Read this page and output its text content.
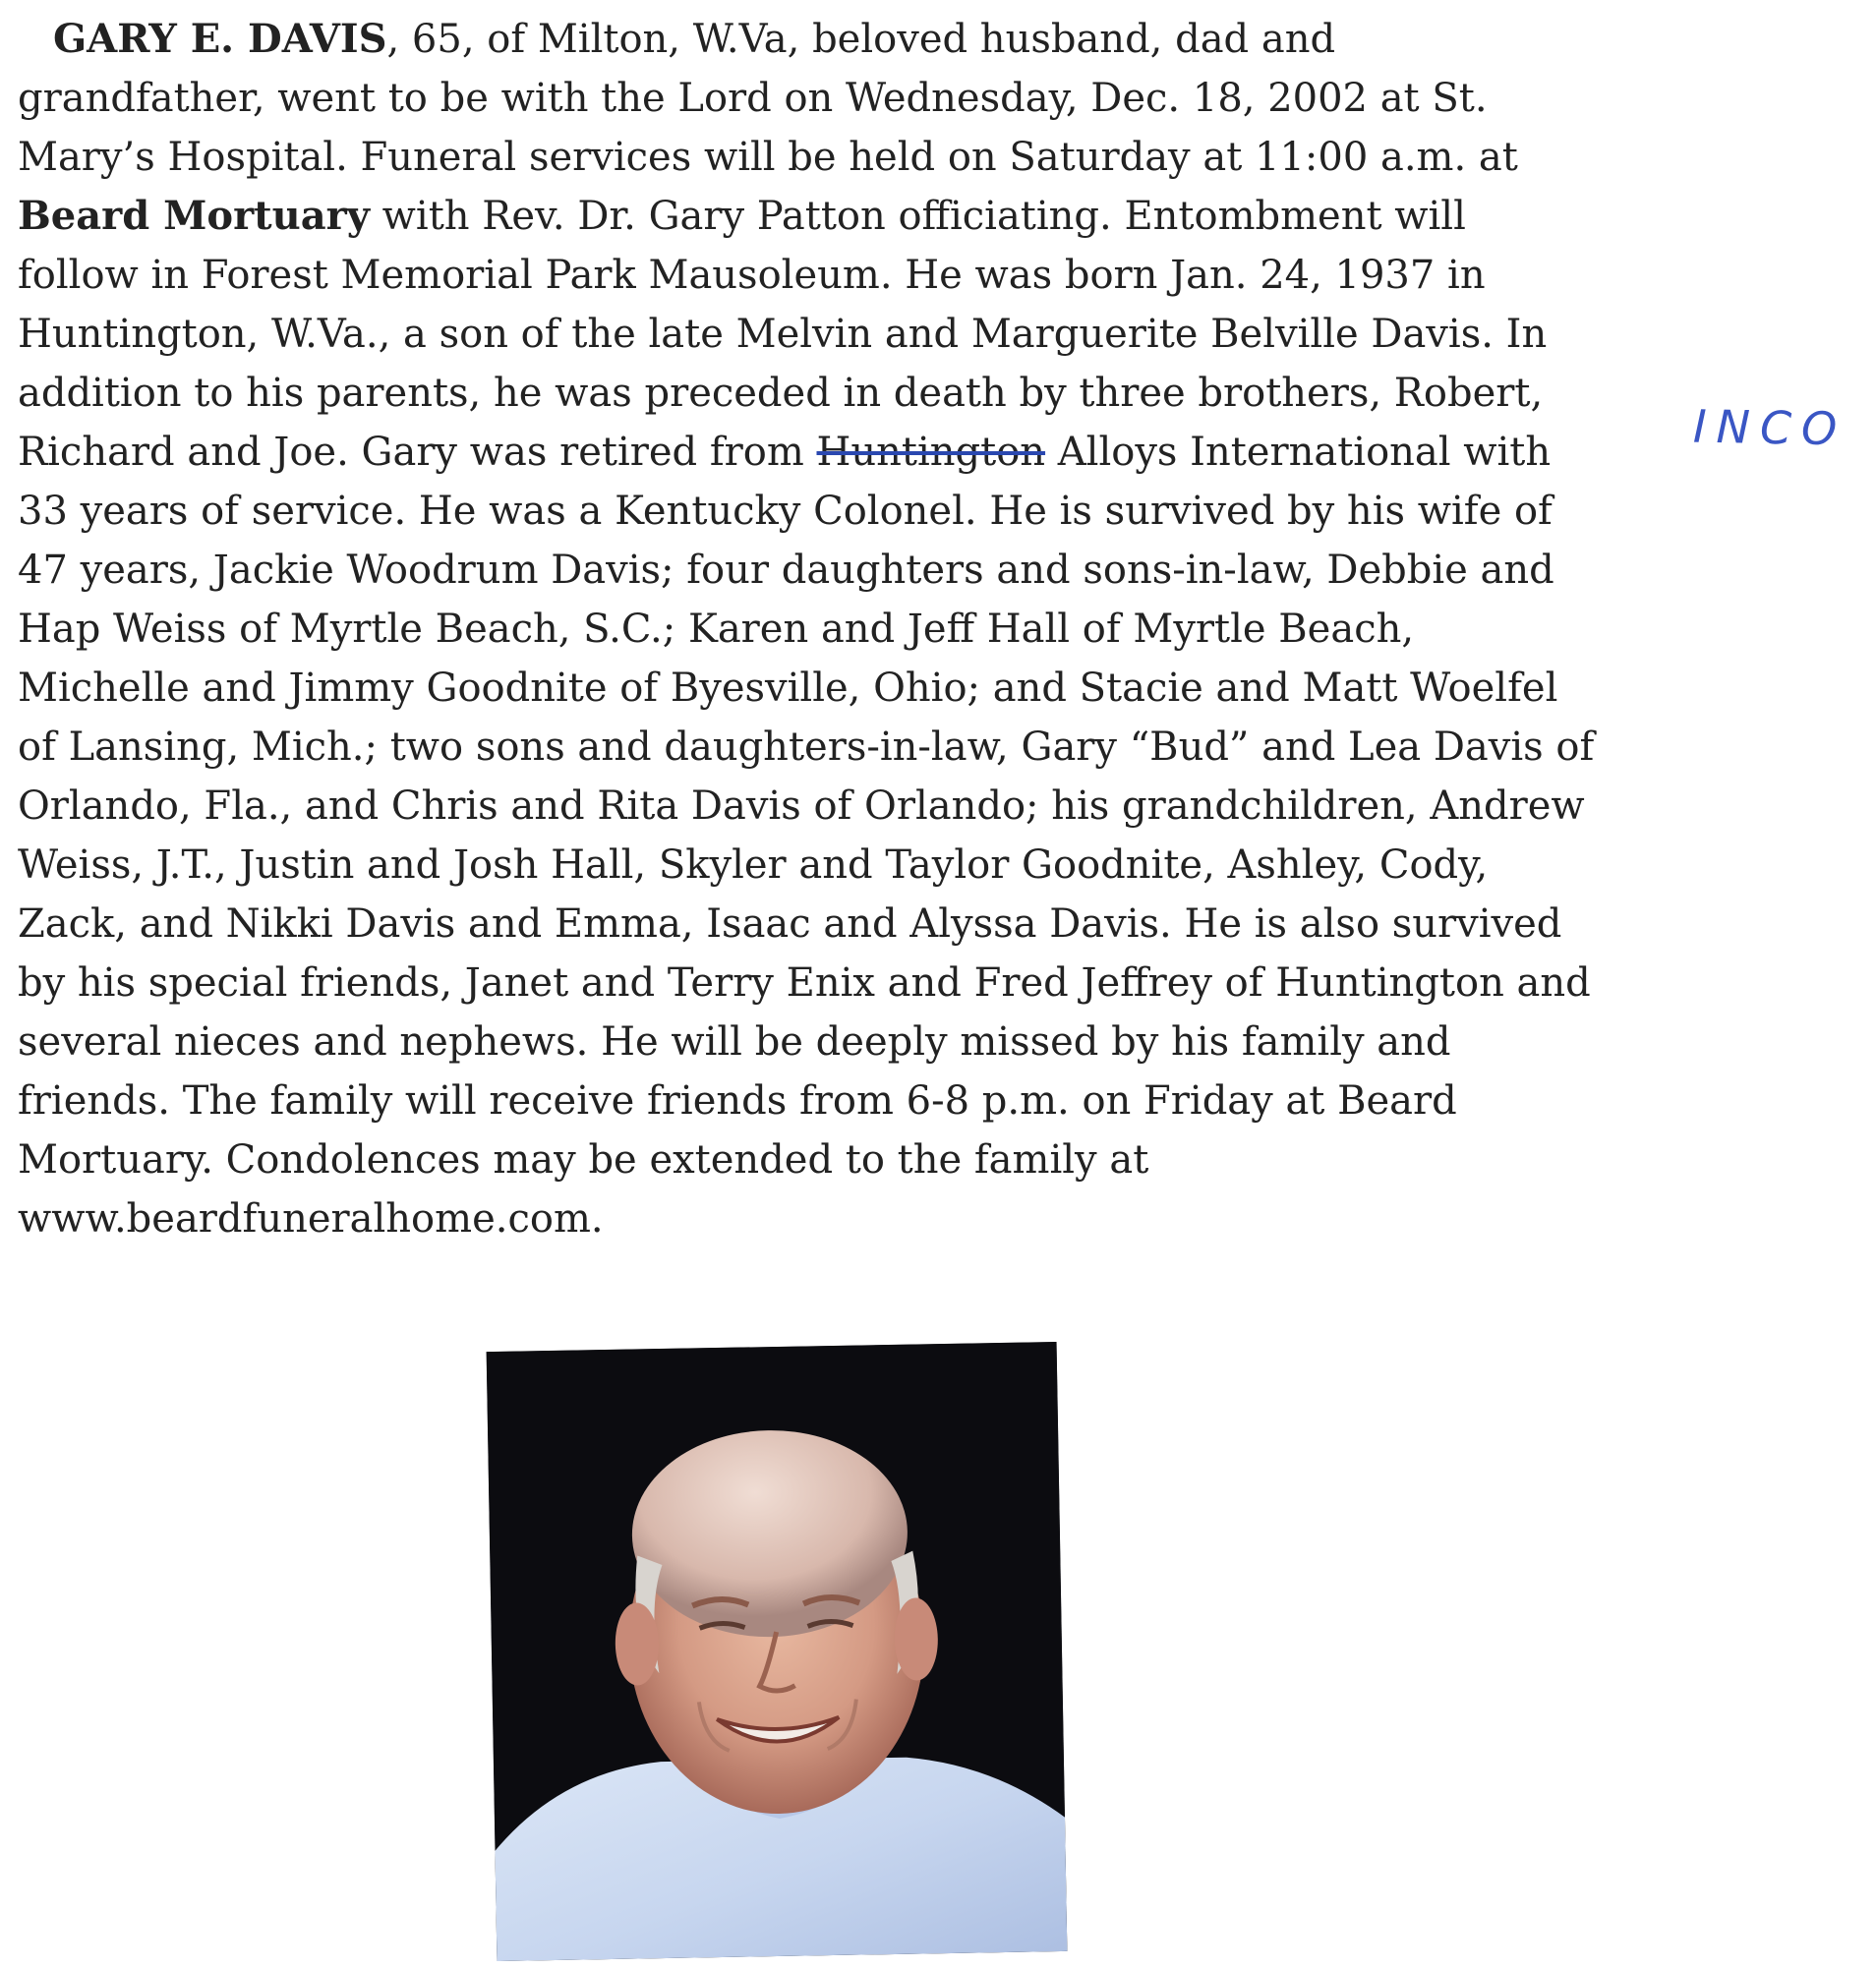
GARY E. DAVIS, 65, of Milton, W.Va, beloved husband, dad and
grandfather, went to be with the Lord on Wednesday, Dec. 18, 2002 at St.
Mary’s Hospital. Funeral services will be held on Saturday at 11:00 a.m. at
Beard Mortuary with Rev. Dr. Gary Patton officiating. Entombment will
follow in Forest Memorial Park Mausoleum. He was born Jan. 24, 1937 in
Huntington, W.Va., a son of the late Melvin and Marguerite Belville Davis. In
addition to his parents, he was preceded in death by three brothers, Robert,
Richard and Joe. Gary was retired from Huntington Alloys International with
33 years of service. He was a Kentucky Colonel. He is survived by his wife of
47 years, Jackie Woodrum Davis; four daughters and sons-in-law, Debbie and
Hap Weiss of Myrtle Beach, S.C.; Karen and Jeff Hall of Myrtle Beach,
Michelle and Jimmy Goodnite of Byesville, Ohio; and Stacie and Matt Woelfel
of Lansing, Mich.; two sons and daughters-in-law, Gary “Bud” and Lea Davis of
Orlando, Fla., and Chris and Rita Davis of Orlando; his grandchildren, Andrew
Weiss, J.T., Justin and Josh Hall, Skyler and Taylor Goodnite, Ashley, Cody,
Zack, and Nikki Davis and Emma, Isaac and Alyssa Davis. He is also survived
by his special friends, Janet and Terry Enix and Fred Jeffrey of Huntington and
several nieces and nephews. He will be deeply missed by his family and
friends. The family will receive friends from 6-8 p.m. on Friday at Beard
Mortuary. Condolences may be extended to the family at
www.beardfuneralhome.com.
INCO
